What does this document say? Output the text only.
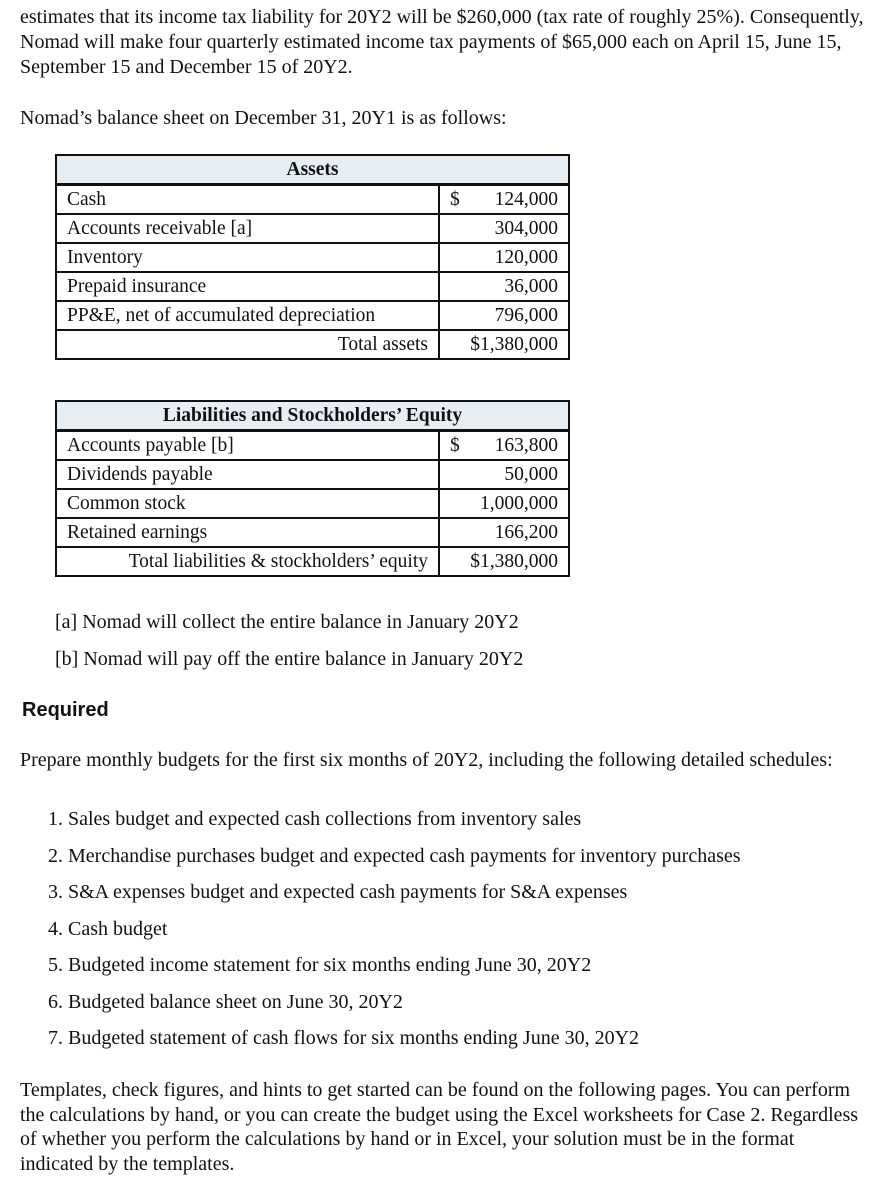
estimates that its income tax liability for 20Y2 will be $260,000 (tax rate of roughly 25%). Consequently, Nomad will make four quarterly estimated income tax payments of $65,000 each on April 15, June 15, September 15 and December 15 of 20Y2.

Nomad’s balance sheet on December 31, 20Y1 is as follows:

Assets	
Cash	$ 124,000

Accounts receivable [a]	304,000

Inventory	120,000

Prepaid insurance	36,000

PP&E, net of accumulated depreciation	796,000

Total assets	$1,380,000
Liabilities and Stockholders’ Equity	
Accounts payable [b]	$ 163,800

Dividends payable	50,000

Common stock	1,000,000

Retained earnings	166,200

Total liabilities & stockholders’ equity	$1,380,000
[a] Nomad will collect the entire balance in January 20Y2
[b] Nomad will pay off the entire balance in January 20Y2
Required

Prepare monthly budgets for the first six months of 20Y2, including the following detailed schedules:

1. Sales budget and expected cash collections from inventory sales
2. Merchandise purchases budget and expected cash payments for inventory purchases
3. S&A expenses budget and expected cash payments for S&A expenses
4. Cash budget
5. Budgeted income statement for six months ending June 30, 20Y2
6. Budgeted balance sheet on June 30, 20Y2
7. Budgeted statement of cash flows for six months ending June 30, 20Y2

Templates, check figures, and hints to get started can be found on the following pages. You can perform the calculations by hand, or you can create the budget using the Excel worksheets for Case 2. Regardless of whether you perform the calculations by hand or in Excel, your solution must be in the format indicated by the templates.
